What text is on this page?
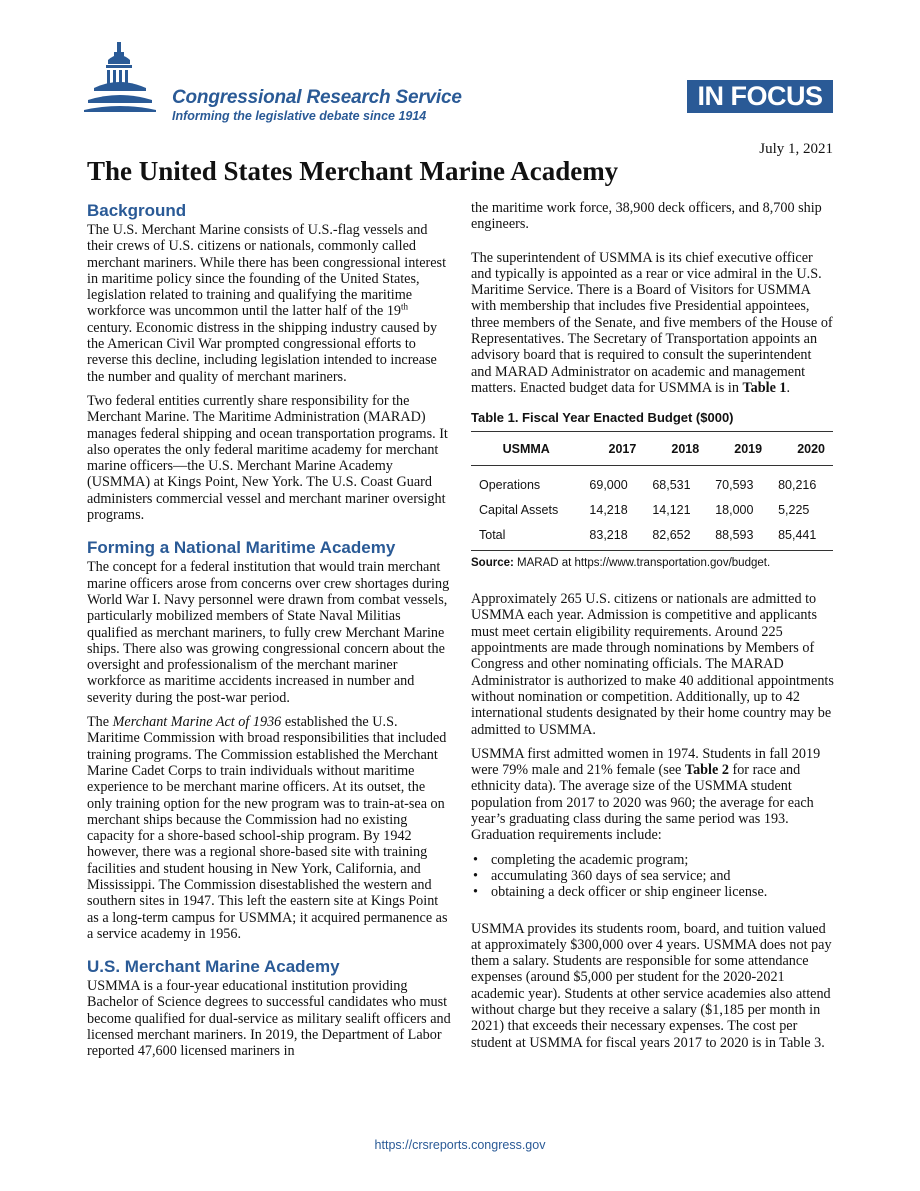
Congressional Research Service
Informing the legislative debate since 1914
IN FOCUS
July 1, 2021
The United States Merchant Marine Academy
Background

The U.S. Merchant Marine consists of U.S.-flag vessels and their crews of U.S. citizens or nationals, commonly called merchant mariners. While there has been congressional interest in maritime policy since the founding of the United States, legislation related to training and qualifying the maritime workforce was uncommon until the latter half of the 19th century. Economic distress in the shipping industry caused by the American Civil War prompted congressional efforts to reverse this decline, including legislation intended to increase the number and quality of merchant mariners.

Two federal entities currently share responsibility for the Merchant Marine. The Maritime Administration (MARAD) manages federal shipping and ocean transportation programs. It also operates the only federal maritime academy for merchant marine officers—the U.S. Merchant Marine Academy (USMMA) at Kings Point, New York. The U.S. Coast Guard administers commercial vessel and merchant mariner oversight programs.

Forming a National Maritime Academy

The concept for a federal institution that would train merchant marine officers arose from concerns over crew shortages during World War I. Navy personnel were drawn from combat vessels, particularly mobilized members of State Naval Militias qualified as merchant mariners, to fully crew Merchant Marine ships. There also was growing congressional concern about the oversight and professionalism of the merchant mariner workforce as maritime accidents increased in number and severity during the post-war period.

The Merchant Marine Act of 1936 established the U.S. Maritime Commission with broad responsibilities that included training programs. The Commission established the Merchant Marine Cadet Corps to train individuals without maritime experience to be merchant marine officers. At its outset, the only training option for the new program was to train-at-sea on merchant ships because the Commission had no existing capacity for a shore-based school-ship program. By 1942 however, there was a regional shore-based site with training facilities and student housing in New York, California, and Mississippi. The Commission disestablished the western and southern sites in 1947. This left the eastern site at Kings Point as a long-term campus for USMMA; it acquired permanence as a service academy in 1956.

U.S. Merchant Marine Academy

USMMA is a four-year educational institution providing Bachelor of Science degrees to successful candidates who must become qualified for dual-service as military sealift officers and licensed merchant mariners. In 2019, the Department of Labor reported 47,600 licensed mariners in

the maritime work force, 38,900 deck officers, and 8,700 ship engineers.

The superintendent of USMMA is its chief executive officer and typically is appointed as a rear or vice admiral in the U.S. Maritime Service. There is a Board of Visitors for USMMA with membership that includes five Presidential appointees, three members of the Senate, and five members of the House of Representatives. The Secretary of Transportation appoints an advisory board that is required to consult the superintendent and MARAD Administrator on academic and management matters. Enacted budget data for USMMA is in Table 1.

Table 1. Fiscal Year Enacted Budget ($000)
USMMA	2017	2018	2019	2020
Operations	69,000	68,531	70,593	80,216
Capital Assets	14,218	14,121	18,000	5,225
Total	83,218	82,652	88,593	85,441
Source: MARAD at https://www.transportation.gov/budget.

Approximately 265 U.S. citizens or nationals are admitted to USMMA each year. Admission is competitive and applicants must meet certain eligibility requirements. Around 225 appointments are made through nominations by Members of Congress and other nominating officials. The MARAD Administrator is authorized to make 40 additional appointments without nomination or competition. Additionally, up to 42 international students designated by their home country may be admitted to USMMA.

USMMA first admitted women in 1974. Students in fall 2019 were 79% male and 21% female (see Table 2 for race and ethnicity data). The average size of the USMMA student population from 2017 to 2020 was 960; the average for each year’s graduating class during the same period was 193. Graduation requirements include:

• completing the academic program;
• accumulating 360 days of sea service; and
• obtaining a deck officer or ship engineer license.

USMMA provides its students room, board, and tuition valued at approximately $300,000 over 4 years. USMMA does not pay them a salary. Students are responsible for some attendance expenses (around $5,000 per student for the 2020-2021 academic year). Students at other service academies also attend without charge but they receive a salary ($1,185 per month in 2021) that exceeds their necessary expenses. The cost per student at USMMA for fiscal years 2017 to 2020 is in Table 3.

https://crsreports.congress.gov
